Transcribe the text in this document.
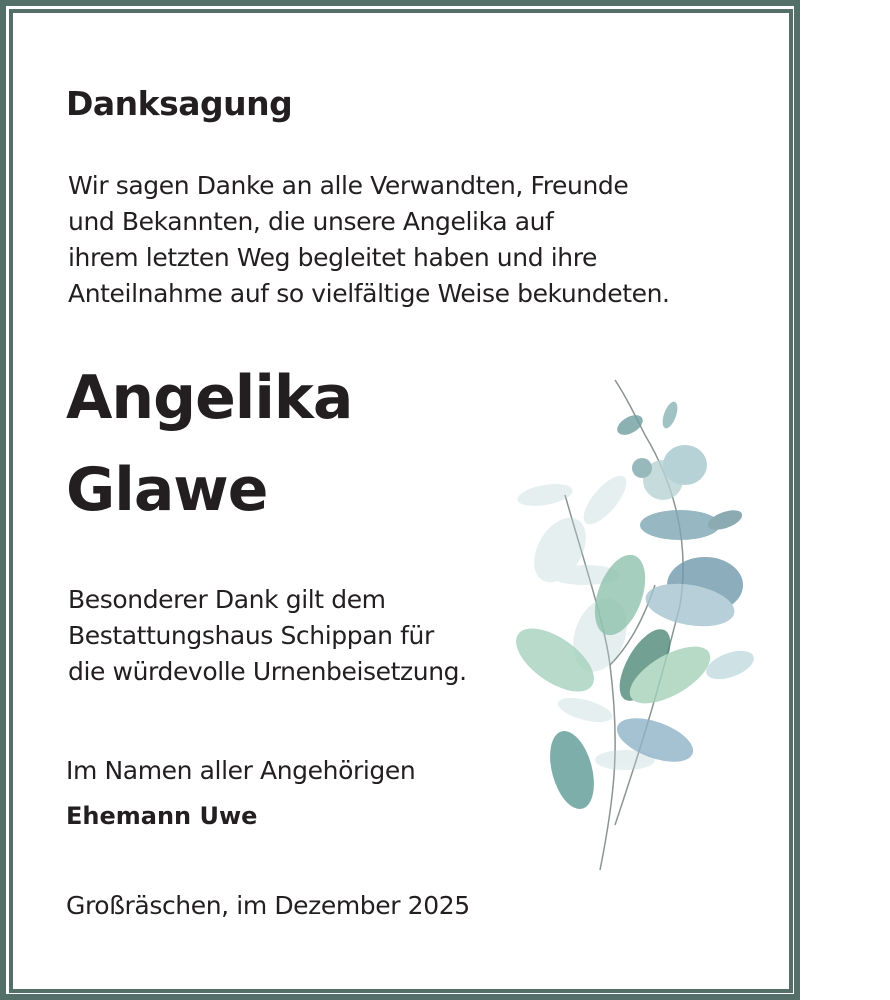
Danksagung
Wir sagen Danke an alle Verwandten, Freunde
und Bekannten, die unsere Angelika auf
ihrem letzten Weg begleitet haben und ihre
Anteilnahme auf so vielfältige Weise bekundeten.
Angelika
Glawe
Besonderer Dank gilt dem
Bestattungshaus Schippan für
die würdevolle Urnenbeisetzung.
Im Namen aller Angehörigen
Ehemann Uwe
Großräschen, im Dezember 2025
